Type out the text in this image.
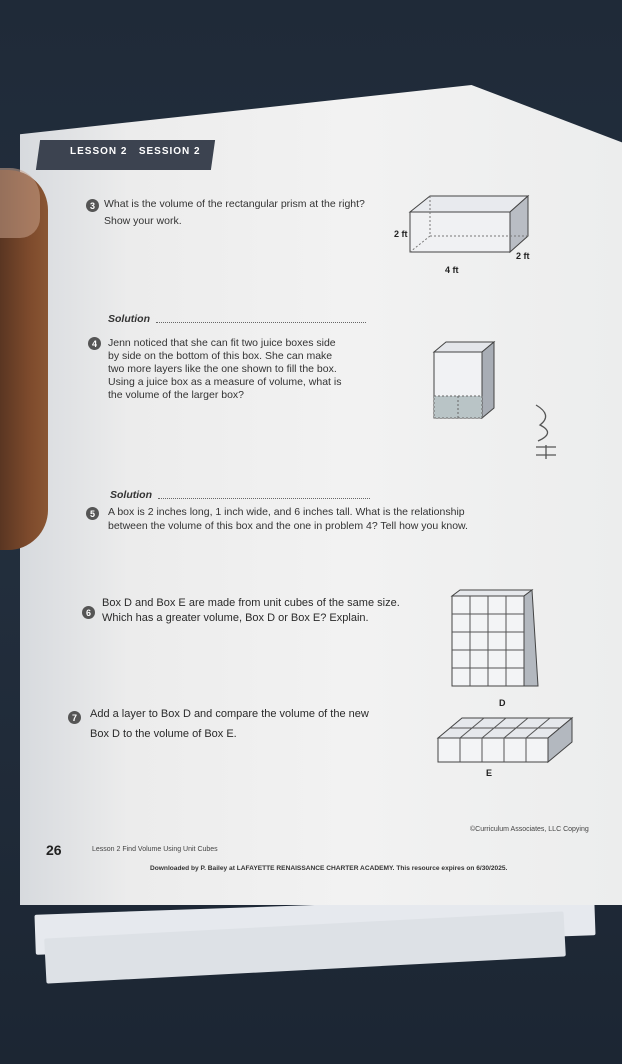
LESSON 2 SESSION 2
3 What is the volume of the rectangular prism at the right?
Show your work.
2 ft
2 ft
4 ft
Solution
4	Jenn noticed that she can fit two juice boxes side
by side on the bottom of this box. She can make
two more layers like the one shown to fill the box.
Using a juice box as a measure of volume, what is
the volume of the larger box?
Solution
5	A box is 2 inches long, 1 inch wide, and 6 inches tall. What is the relationship
between the volume of this box and the one in problem 4? Tell how you know.
6
Box D and Box E are made from unit cubes of the same size.
Which has a greater volume, Box D or Box E? Explain.
D
7	Add a layer to Box D and compare the volume of the new
Box D to the volume of Box E.
E
26	Lesson 2 Find Volume Using Unit Cubes
©Curriculum Associates, LLC Copying
Downloaded by P. Bailey at LAFAYETTE RENAISSANCE CHARTER ACADEMY. This resource expires on 6/30/2025.
